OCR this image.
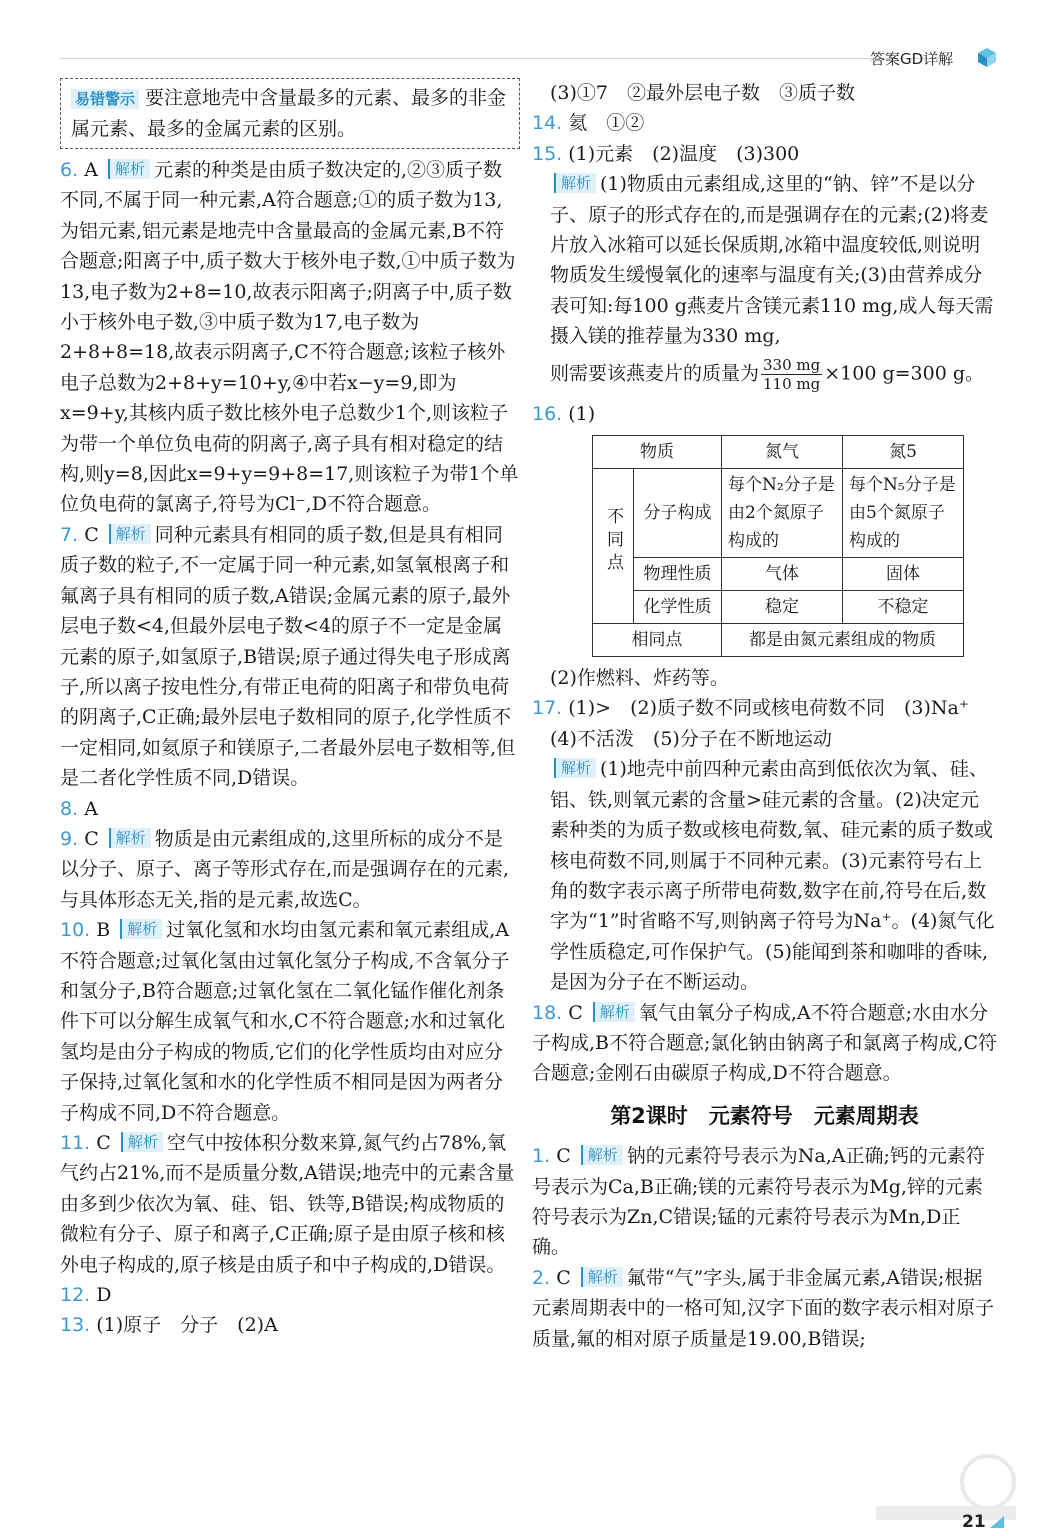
答案GD详解
易错警示 要注意地壳中含量最多的元素、最多的非金属元素、最多的金属元素的区别。

6. A 解析 元素的种类是由质子数决定的,②③质子数不同,不属于同一种元素,A符合题意;①的质子数为13,为铝元素,铝元素是地壳中含量最高的金属元素,B不符合题意;阳离子中,质子数大于核外电子数,①中质子数为13,电子数为2+8=10,故表示阳离子;阴离子中,质子数小于核外电子数,③中质子数为17,电子数为2+8+8=18,故表示阴离子,C不符合题意;该粒子核外电子总数为2+8+y=10+y,④中若x−y=9,即为x=9+y,其核内质子数比核外电子总数少1个,则该粒子为带一个单位负电荷的阴离子,离子具有相对稳定的结构,则y=8,因此x=9+y=9+8=17,则该粒子为带1个单位负电荷的氯离子,符号为Cl⁻,D不符合题意。

7. C 解析 同种元素具有相同的质子数,但是具有相同质子数的粒子,不一定属于同一种元素,如氢氧根离子和氟离子具有相同的质子数,A错误;金属元素的原子,最外层电子数<4,但最外层电子数<4的原子不一定是金属元素的原子,如氢原子,B错误;原子通过得失电子形成离子,所以离子按电性分,有带正电荷的阳离子和带负电荷的阴离子,C正确;最外层电子数相同的原子,化学性质不一定相同,如氦原子和镁原子,二者最外层电子数相等,但是二者化学性质不同,D错误。

8. A

9. C 解析 物质是由元素组成的,这里所标的成分不是以分子、原子、离子等形式存在,而是强调存在的元素,与具体形态无关,指的是元素,故选C。

10. B 解析 过氧化氢和水均由氢元素和氧元素组成,A不符合题意;过氧化氢由过氧化氢分子构成,不含氧分子和氢分子,B符合题意;过氧化氢在二氧化锰作催化剂条件下可以分解生成氧气和水,C不符合题意;水和过氧化氢均是由分子构成的物质,它们的化学性质均由对应分子保持,过氧化氢和水的化学性质不相同是因为两者分子构成不同,D不符合题意。

11. C 解析 空气中按体积分数来算,氮气约占78%,氧气约占21%,而不是质量分数,A错误;地壳中的元素含量由多到少依次为氧、硅、铝、铁等,B错误;构成物质的微粒有分子、原子和离子,C正确;原子是由原子核和核外电子构成的,原子核是由质子和中子构成的,D错误。

12. D

13. (1)原子　分子　(2)A

(3)①7　②最外层电子数　③质子数

14. 氦　①②

15. (1)元素　(2)温度　(3)300

解析 (1)物质由元素组成,这里的“钠、锌”不是以分子、原子的形式存在的,而是强调存在的元素;(2)将麦片放入冰箱可以延长保质期,冰箱中温度较低,则说明物质发生缓慢氧化的速率与温度有关;(3)由营养成分表可知:每100 g燕麦片含镁元素110 mg,成人每天需摄入镁的推荐量为330 mg,

则需要该燕麦片的质量为 $\frac{330 mg}{110 mg} \times 100$ g=300 g。

16. (1)

物质		氮气	氮5
不同点	分子构成	每个N₂分子是由2个氮原子构成的	每个N₅分子是由5个氮原子构成的
	物理性质	气体	固体
	化学性质	稳定	不稳定
相同点		都是由氮元素组成的物质	

(2)作燃料、炸药等。

17. (1)>　(2)质子数不同或核电荷数不同　(3)Na⁺

(4)不活泼　(5)分子在不断地运动

解析 (1)地壳中前四种元素由高到低依次为氧、硅、铝、铁,则氧元素的含量>硅元素的含量。(2)决定元素种类的为质子数或核电荷数,氧、硅元素的质子数或核电荷数不同,则属于不同种元素。(3)元素符号右上角的数字表示离子所带电荷数,数字在前,符号在后,数字为“1”时省略不写,则钠离子符号为Na⁺。(4)氮气化学性质稳定,可作保护气。(5)能闻到茶和咖啡的香味,是因为分子在不断运动。

18. C 解析 氧气由氧分子构成,A不符合题意;水由水分子构成,B不符合题意;氯化钠由钠离子和氯离子构成,C符合题意;金刚石由碳原子构成,D不符合题意。

第2课时　元素符号　元素周期表

1. C 解析 钠的元素符号表示为Na,A正确;钙的元素符号表示为Ca,B正确;镁的元素符号表示为Mg,锌的元素符号表示为Zn,C错误;锰的元素符号表示为Mn,D正确。

2. C 解析 氟带“气”字头,属于非金属元素,A错误;根据元素周期表中的一格可知,汉字下面的数字表示相对原子质量,氟的相对原子质量是19.00,B错误;

21
